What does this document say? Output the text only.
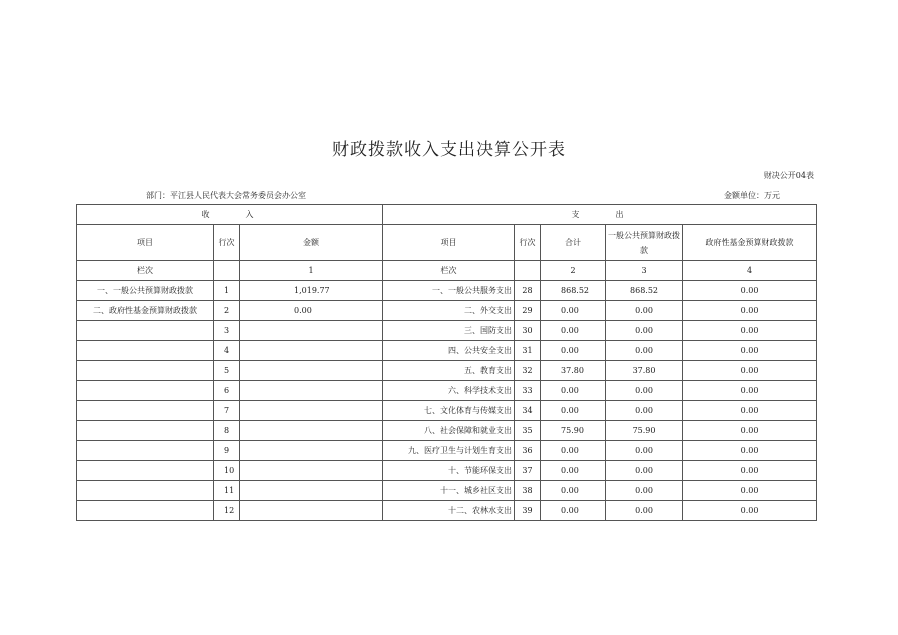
财政拨款收入支出决算公开表
财决公开04表
部门：平江县人民代表大会常务委员会办公室	金额单位：万元
收 入			支 出				
项目	行次	金额	项目	行次	合计	一般公共预算财政拨款	政府性基金预算财政拨款
栏次		1	栏次		2	3	4
一、一般公共预算财政拨款	1	1,019.77	一、一般公共服务支出	28	868.52	868.52	0.00
二、政府性基金预算财政拨款	2	0.00	二、外交支出	29	0.00	0.00	0.00
	3		三、国防支出	30	0.00	0.00	0.00
	4		四、公共安全支出	31	0.00	0.00	0.00
	5		五、教育支出	32	37.80	37.80	0.00
	6		六、科学技术支出	33	0.00	0.00	0.00
	7		七、文化体育与传媒支出	34	0.00	0.00	0.00
	8		八、社会保障和就业支出	35	75.90	75.90	0.00
	9		九、医疗卫生与计划生育支出	36	0.00	0.00	0.00
	10		十、节能环保支出	37	0.00	0.00	0.00
	11		十一、城乡社区支出	38	0.00	0.00	0.00
	12		十二、农林水支出	39	0.00	0.00	0.00
